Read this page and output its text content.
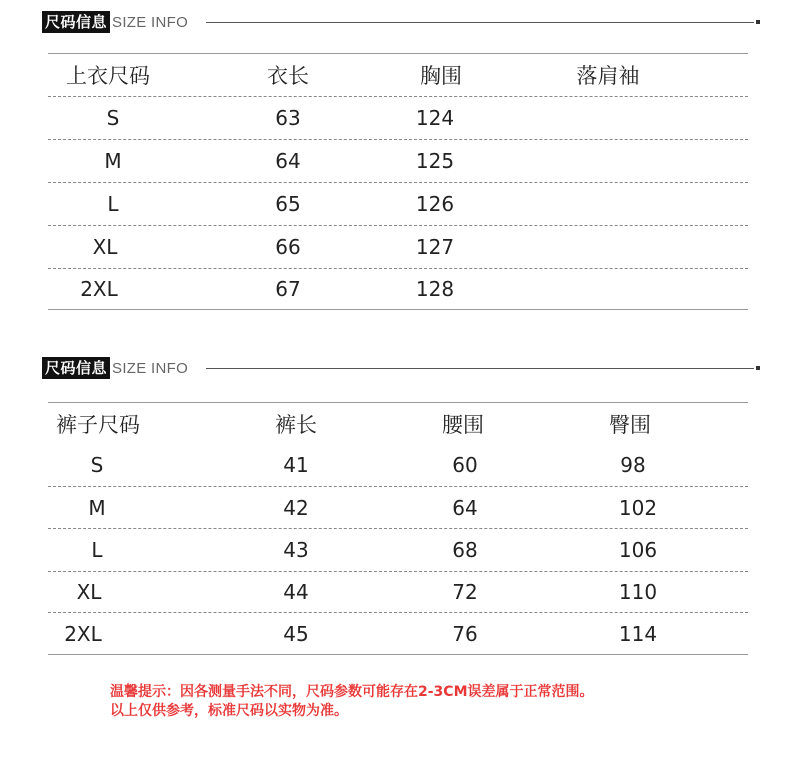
尺码信息 SIZE INFO
上衣尺码	衣长	胸围	落肩袖
S	63	124
M	64	125
L	65	126
XL	66	127
2XL	67	128
尺码信息 SIZE INFO
裤子尺码	裤长	腰围	臀围
S	41	60	98
M	42	64	102
L	43	68	106
XL	44	72	110
2XL	45	76	114
温馨提示：因各测量手法不同，尺码参数可能存在2-3CM误差属于正常范围。
以上仅供参考，标准尺码以实物为准。
